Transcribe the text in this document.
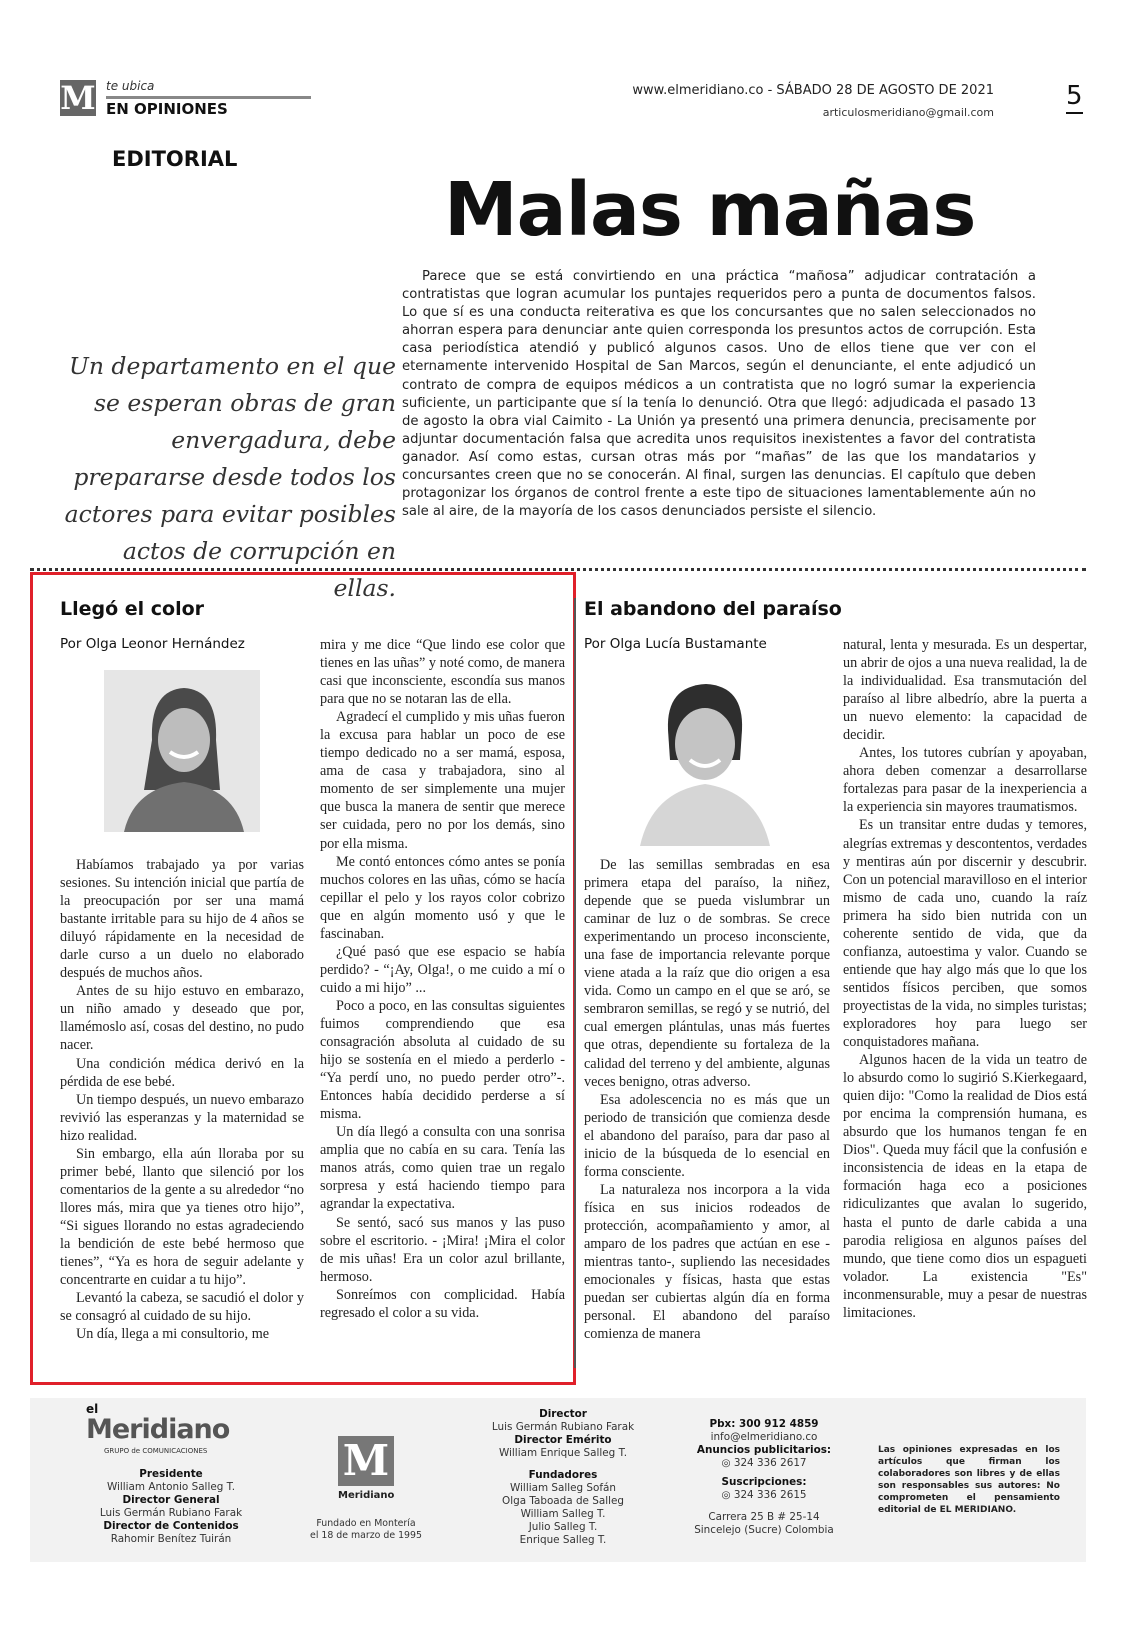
M te ubica
EN OPINIONES
www.elmeridiano.co - SÁBADO 28 DE AGOSTO DE 2021
articulosmeridiano@gmail.com
5
EDITORIAL
Malas mañas
Un departamento en el que se esperan obras de gran envergadura, debe prepararse desde todos los actores para evitar posibles actos de corrupción en ellas.
Parece que se está convirtiendo en una práctica “mañosa” adjudicar contratación a contratistas que logran acumular los puntajes requeridos pero a punta de documentos falsos. Lo que sí es una conducta reiterativa es que los concursantes que no salen seleccionados no ahorran espera para denunciar ante quien corresponda los presuntos actos de corrupción. Esta casa periodística atendió y publicó algunos casos. Uno de ellos tiene que ver con el eternamente intervenido Hospital de San Marcos, según el denunciante, el ente adjudicó un contrato de compra de equipos médicos a un contratista que no logró sumar la experiencia suficiente, un participante que sí la tenía lo denunció. Otra que llegó: adjudicada el pasado 13 de agosto la obra vial Caimito - La Unión ya presentó una primera denuncia, precisamente por adjuntar documentación falsa que acredita unos requisitos inexistentes a favor del contratista ganador. Así como estas, cursan otras más por “mañas” de las que los mandatarios y concursantes creen que no se conocerán. Al final, surgen las denuncias. El capítulo que deben protagonizar los órganos de control frente a este tipo de situaciones lamentablemente aún no sale al aire, de la mayoría de los casos denunciados persiste el silencio.
Llegó el color
Por Olga Leonor Hernández

Habíamos trabajado ya por varias sesiones. Su intención inicial que partía de la preocupación por ser una mamá bastante irritable para su hijo de 4 años se diluyó rápidamente en la necesidad de darle curso a un duelo no elaborado después de muchos años.

Antes de su hijo estuvo en embarazo, un niño amado y deseado que por, llamémoslo así, cosas del destino, no pudo nacer.

Una condición médica derivó en la pérdida de ese bebé.

Un tiempo después, un nuevo embarazo revivió las esperanzas y la maternidad se hizo realidad.

Sin embargo, ella aún lloraba por su primer bebé, llanto que silenció por los comentarios de la gente a su alrededor “no llores más, mira que ya tienes otro hijo”, “Si sigues llorando no estas agradeciendo la bendición de este bebé hermoso que tienes”, “Ya es hora de seguir adelante y concentrarte en cuidar a tu hijo”.

Levantó la cabeza, se sacudió el dolor y se consagró al cuidado de su hijo.

Un día, llega a mi consultorio, me

mira y me dice “Que lindo ese color que tienes en las uñas” y noté como, de manera casi que inconsciente, escondía sus manos para que no se notaran las de ella.

Agradecí el cumplido y mis uñas fueron la excusa para hablar un poco de ese tiempo dedicado no a ser mamá, esposa, ama de casa y trabajadora, sino al momento de ser simplemente una mujer que busca la manera de sentir que merece ser cuidada, pero no por los demás, sino por ella misma.

Me contó entonces cómo antes se ponía muchos colores en las uñas, cómo se hacía cepillar el pelo y los rayos color cobrizo que en algún momento usó y que le fascinaban.

¿Qué pasó que ese espacio se había perdido? - “¡Ay, Olga!, o me cuido a mí o cuido a mi hijo” ...

Poco a poco, en las consultas siguientes fuimos comprendiendo que esa consagración absoluta al cuidado de su hijo se sostenía en el miedo a perderlo - “Ya perdí uno, no puedo perder otro”-. Entonces había decidido perderse a sí misma.

Un día llegó a consulta con una sonrisa amplia que no cabía en su cara. Tenía las manos atrás, como quien trae un regalo sorpresa y está haciendo tiempo para agrandar la expectativa.

Se sentó, sacó sus manos y las puso sobre el escritorio. - ¡Mira! ¡Mira el color de mis uñas! Era un color azul brillante, hermoso.

Sonreímos con complicidad. Había regresado el color a su vida.

El abandono del paraíso
Por Olga Lucía Bustamante

De las semillas sembradas en esa primera etapa del paraíso, la niñez, depende que se pueda vislumbrar un caminar de luz o de sombras. Se crece experimentando un proceso inconsciente, una fase de importancia relevante porque viene atada a la raíz que dio origen a esa vida. Como un campo en el que se aró, se sembraron semillas, se regó y se nutrió, del cual emergen plántulas, unas más fuertes que otras, dependiente su fortaleza de la calidad del terreno y del ambiente, algunas veces benigno, otras adverso.

Esa adolescencia no es más que un periodo de transición que comienza desde el abandono del paraíso, para dar paso al inicio de la búsqueda de lo esencial en forma consciente.

La naturaleza nos incorpora a la vida física en sus inicios rodeados de protección, acompañamiento y amor, al amparo de los padres que actúan en ese -mientras tanto-, supliendo las necesidades emocionales y físicas, hasta que estas puedan ser cubiertas algún día en forma personal. El abandono del paraíso comienza de manera

natural, lenta y mesurada. Es un despertar, un abrir de ojos a una nueva realidad, la de la individualidad. Esa transmutación del paraíso al libre albedrío, abre la puerta a un nuevo elemento: la capacidad de decidir.

Antes, los tutores cubrían y apoyaban, ahora deben comenzar a desarrollarse fortalezas para pasar de la inexperiencia a la experiencia sin mayores traumatismos.

Es un transitar entre dudas y temores, alegrías extremas y descontentos, verdades y mentiras aún por discernir y descubrir. Con un potencial maravilloso en el interior mismo de cada uno, cuando la raíz primera ha sido bien nutrida con un coherente sentido de vida, que da confianza, autoestima y valor. Cuando se entiende que hay algo más que lo que los sentidos físicos perciben, que somos proyectistas de la vida, no simples turistas; exploradores hoy para luego ser conquistadores mañana.

Algunos hacen de la vida un teatro de lo absurdo como lo sugirió S.Kierkegaard, quien dijo: "Como la realidad de Dios está por encima la comprensión humana, es absurdo que los humanos tengan fe en Dios". Queda muy fácil que la confusión e inconsistencia de ideas en la etapa de formación haga eco a posiciones ridiculizantes que avalan lo sugerido, hasta el punto de darle cabida a una parodia religiosa en algunos países del mundo, que tiene como dios un espagueti volador. La existencia "Es" inconmensurable, muy a pesar de nuestras limitaciones.

el
Meridiano
GRUPO de COMUNICACIONES
Presidente
William Antonio Salleg T.
Director General
Luis Germán Rubiano Farak
Director de Contenidos
Rahomir Benítez Tuirán
M
Meridiano
Fundado en Montería
el 18 de marzo de 1995
Director
Luis Germán Rubiano Farak
Director Emérito
William Enrique Salleg T.
Fundadores
William Salleg Sofán
Olga Taboada de Salleg
William Salleg T.
Julio Salleg T.
Enrique Salleg T.
Pbx: 300 912 4859
info@elmeridiano.co
Anuncios publicitarios:
◎ 324 336 2617
Suscripciones:
◎ 324 336 2615
Carrera 25 B # 25-14
Sincelejo (Sucre) Colombia
Las opiniones expresadas en los artículos que firman los colaboradores son libres y de ellas son responsables sus autores: No comprometen el pensamiento editorial de EL MERIDIANO.
